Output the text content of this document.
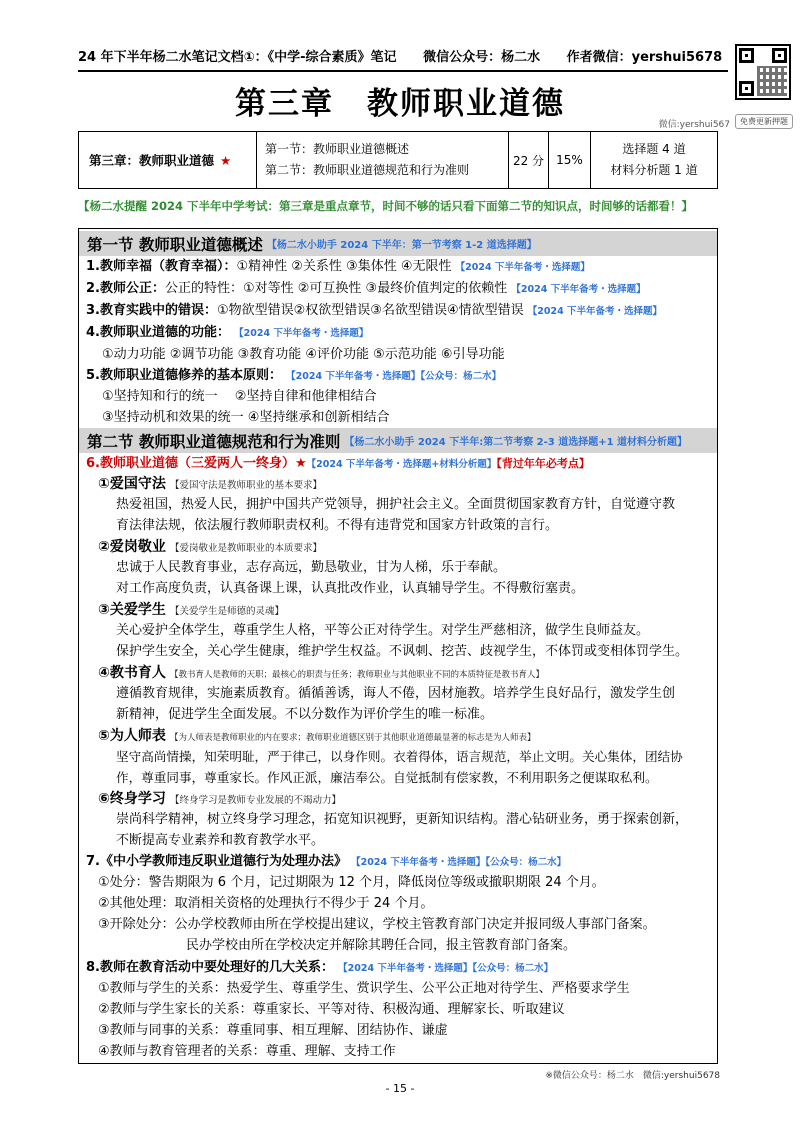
24 年下半年杨二水笔记文档①：《中学-综合素质》笔记 微信公众号：杨二水 作者微信：yershui5678
免费更新押题
第三章　教师职业道德
微信:yershui567
第三章：教师职业道德 ★
第一节：教师职业道德概述
第二节：教师职业道德规范和行为准则
22 分	15%
选择题 4 道
材料分析题 1 道
【杨二水提醒 2024 下半年中学考试：第三章是重点章节，时间不够的话只看下面第二节的知识点，时间够的话都看！】
第一节 教师职业道德概述 【杨二水小助手 2024 下半年：第一节考察 1-2 道选择题】
1.教师幸福（教育幸福）：①精神性 ②关系性 ③集体性 ④无限性 【2024 下半年备考・选择题】
2.教师公正：公正的特性：①对等性 ②可互换性 ③最终价值判定的依赖性 【2024 下半年备考・选择题】
3.教育实践中的错误：①物欲型错误②权欲型错误③名欲型错误④情欲型错误 【2024 下半年备考・选择题】
4.教师职业道德的功能： 【2024 下半年备考・选择题】
①动力功能 ②调节功能 ③教育功能 ④评价功能 ⑤示范功能 ⑥引导功能
5.教师职业道德修养的基本原则： 【2024 下半年备考・选择题】【公众号：杨二水】
①坚持知和行的统一　 ②坚持自律和他律相结合
③坚持动机和效果的统一 ④坚持继承和创新相结合
第二节 教师职业道德规范和行为准则 【杨二水小助手 2024 下半年:第二节考察 2-3 道选择题+1 道材料分析题】
6.教师职业道德（三爱两人一终身）★【2024 下半年备考・选择题+材料分析题】【背过年年必考点】
①爱国守法 【爱国守法是教师职业的基本要求】
热爱祖国，热爱人民，拥护中国共产党领导，拥护社会主义。全面贯彻国家教育方针，自觉遵守教
育法律法规，依法履行教师职责权利。不得有违背党和国家方针政策的言行。
②爱岗敬业 【爱岗敬业是教师职业的本质要求】
忠诚于人民教育事业，志存高远，勤恳敬业，甘为人梯，乐于奉献。
对工作高度负责，认真备课上课，认真批改作业，认真辅导学生。不得敷衍塞责。
③关爱学生 【关爱学生是师德的灵魂】
关心爱护全体学生，尊重学生人格，平等公正对待学生。对学生严慈相济，做学生良师益友。
保护学生安全，关心学生健康，维护学生权益。不讽刺、挖苦、歧视学生，不体罚或变相体罚学生。
④教书育人 【教书育人是教师的天职；最核心的职责与任务；教师职业与其他职业不同的本质特征是教书育人】
遵循教育规律，实施素质教育。循循善诱，诲人不倦，因材施教。培养学生良好品行，激发学生创
新精神，促进学生全面发展。不以分数作为评价学生的唯一标准。
⑤为人师表 【为人师表是教师职业的内在要求；教师职业道德区别于其他职业道德最显著的标志是为人师表】
坚守高尚情操，知荣明耻，严于律己，以身作则。衣着得体，语言规范，举止文明。关心集体，团结协
作，尊重同事，尊重家长。作风正派，廉洁奉公。自觉抵制有偿家教，不利用职务之便谋取私利。
⑥终身学习 【终身学习是教师专业发展的不竭动力】
崇尚科学精神，树立终身学习理念，拓宽知识视野，更新知识结构。潜心钻研业务，勇于探索创新，
不断提高专业素养和教育教学水平。
7.《中小学教师违反职业道德行为处理办法》 【2024 下半年备考・选择题】【公众号：杨二水】
①处分：警告期限为 6 个月，记过期限为 12 个月，降低岗位等级或撤职期限 24 个月。
②其他处理：取消相关资格的处理执行不得少于 24 个月。
③开除处分：公办学校教师由所在学校提出建议，学校主管教育部门决定并报同级人事部门备案。
民办学校由所在学校决定并解除其聘任合同，报主管教育部门备案。
8.教师在教育活动中要处理好的几大关系： 【2024 下半年备考・选择题】【公众号：杨二水】
①教师与学生的关系：热爱学生、尊重学生、赏识学生、公平公正地对待学生、严格要求学生
②教师与学生家长的关系：尊重家长、平等对待、积极沟通、理解家长、听取建议
③教师与同事的关系：尊重同事、相互理解、团结协作、谦虚
④教师与教育管理者的关系：尊重、理解、支持工作
※微信公众号：杨二水　微信:yershui5678
- 15 -
